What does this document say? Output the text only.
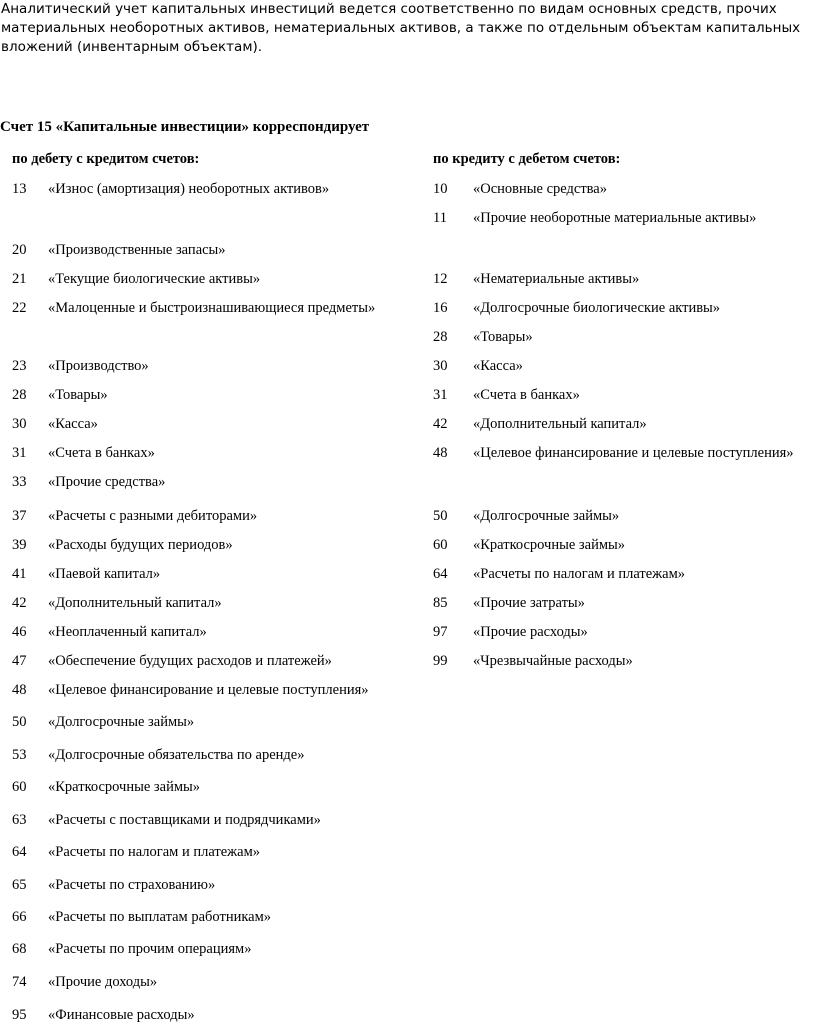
Аналитический учет капитальных инвестиций ведется соответственно по видам основных средств, прочих материальных необоротных активов, нематериальных активов, а также по отдельным объектам капитальных вложений (инвентарным объектам).
Счет 15 «Капитальные инвестиции» корреспондирует
по дебету с кредитом счетов:	по кредиту с дебетом счетов:
13 «Износ (амортизация) необоротных активов»
20 «Производственные запасы»
21 «Текущие биологические активы»
22 «Малоценные и быстроизнашивающиеся предметы»
23 «Производство»
28 «Товары»
30 «Касса»
31 «Счета в банках»
33 «Прочие средства»
37 «Расчеты с разными дебиторами»
39 «Расходы будущих периодов»
41 «Паевой капитал»
42 «Дополнительный капитал»
46 «Неоплаченный капитал»
47 «Обеспечение будущих расходов и платежей»
48 «Целевое финансирование и целевые поступления»
50 «Долгосрочные займы»
53 «Долгосрочные обязательства по аренде»
60 «Краткосрочные займы»
63 «Расчеты с поставщиками и подрядчиками»
64 «Расчеты по налогам и платежам»
65 «Расчеты по страхованию»
66 «Расчеты по выплатам работникам»
68 «Расчеты по прочим операциям»
74 «Прочие доходы»
95 «Финансовые расходы»
10 «Основные средства»
11 «Прочие необоротные материальные активы»
12 «Нематериальные активы»
16 «Долгосрочные биологические активы»
28 «Товары»
30 «Касса»
31 «Счета в банках»
42 «Дополнительный капитал»
48 «Целевое финансирование и целевые поступления»
50 «Долгосрочные займы»
60 «Краткосрочные займы»
64 «Расчеты по налогам и платежам»
85 «Прочие затраты»
97 «Прочие расходы»
99 «Чрезвычайные расходы»
